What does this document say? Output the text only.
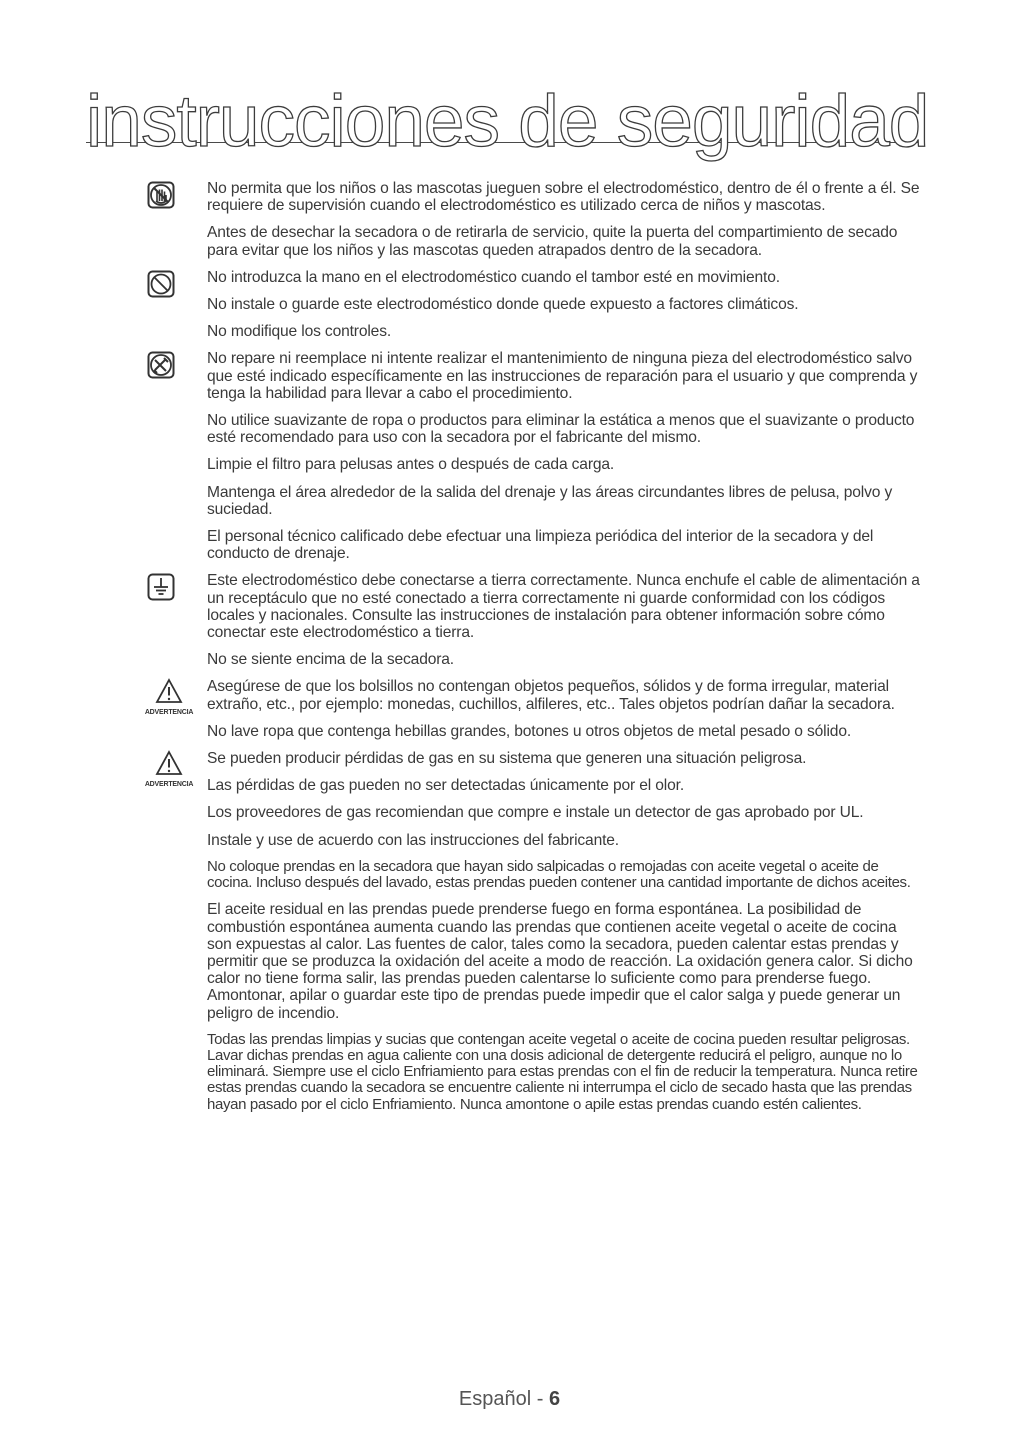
instrucciones de seguridad

No permita que los niños o las mascotas jueguen sobre el electrodoméstico, dentro de él o frente a él. Se requiere de supervisión cuando el electrodoméstico es utilizado cerca de niños y mascotas.

Antes de desechar la secadora o de retirarla de servicio, quite la puerta del compartimiento de secado para evitar que los niños y las mascotas queden atrapados dentro de la secadora.

No introduzca la mano en el electrodoméstico cuando el tambor esté en movimiento.

No instale o guarde este electrodoméstico donde quede expuesto a factores climáticos.

No modifique los controles.

No repare ni reemplace ni intente realizar el mantenimiento de ninguna pieza del electrodoméstico salvo que esté indicado específicamente en las instrucciones de reparación para el usuario y que comprenda y tenga la habilidad para llevar a cabo el procedimiento.

No utilice suavizante de ropa o productos para eliminar la estática a menos que el suavizante o producto esté recomendado para uso con la secadora por el fabricante del mismo.

Limpie el filtro para pelusas antes o después de cada carga.

Mantenga el área alrededor de la salida del drenaje y las áreas circundantes libres de pelusa, polvo y suciedad.

El personal técnico calificado debe efectuar una limpieza periódica del interior de la secadora y del conducto de drenaje.

Este electrodoméstico debe conectarse a tierra correctamente. Nunca enchufe el cable de alimentación a un receptáculo que no esté conectado a tierra correctamente ni guarde conformidad con los códigos locales y nacionales. Consulte las instrucciones de instalación para obtener información sobre cómo conectar este electrodoméstico a tierra.

No se siente encima de la secadora.

ADVERTENCIA
Asegúrese de que los bolsillos no contengan objetos pequeños, sólidos y de forma irregular, material extraño, etc., por ejemplo: monedas, cuchillos, alfileres, etc.. Tales objetos podrían dañar la secadora.

No lave ropa que contenga hebillas grandes, botones u otros objetos de metal pesado o sólido.

ADVERTENCIA
Se pueden producir pérdidas de gas en su sistema que generen una situación peligrosa.

Las pérdidas de gas pueden no ser detectadas únicamente por el olor.

Los proveedores de gas recomiendan que compre e instale un detector de gas aprobado por UL.

Instale y use de acuerdo con las instrucciones del fabricante.

No coloque prendas en la secadora que hayan sido salpicadas o remojadas con aceite vegetal o aceite de cocina. Incluso después del lavado, estas prendas pueden contener una cantidad importante de dichos aceites.

El aceite residual en las prendas puede prenderse fuego en forma espontánea. La posibilidad de combustión espontánea aumenta cuando las prendas que contienen aceite vegetal o aceite de cocina son expuestas al calor. Las fuentes de calor, tales como la secadora, pueden calentar estas prendas y permitir que se produzca la oxidación del aceite a modo de reacción. La oxidación genera calor. Si dicho calor no tiene forma salir, las prendas pueden calentarse lo suficiente como para prenderse fuego. Amontonar, apilar o guardar este tipo de prendas puede impedir que el calor salga y puede generar un peligro de incendio.

Todas las prendas limpias y sucias que contengan aceite vegetal o aceite de cocina pueden resultar peligrosas. Lavar dichas prendas en agua caliente con una dosis adicional de detergente reducirá el peligro, aunque no lo eliminará. Siempre use el ciclo Enfriamiento para estas prendas con el fin de reducir la temperatura. Nunca retire estas prendas cuando la secadora se encuentre caliente ni interrumpa el ciclo de secado hasta que las prendas hayan pasado por el ciclo Enfriamiento. Nunca amontone o apile estas prendas cuando estén calientes.

Español - 6
